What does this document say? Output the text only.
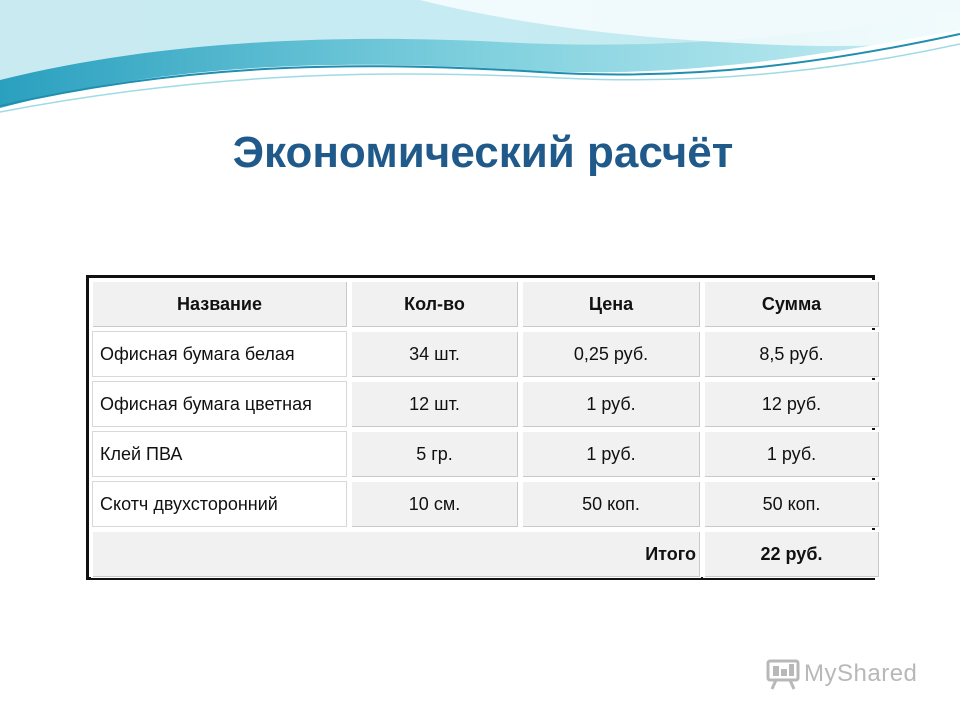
Экономический расчёт
Название	Кол-во	Цена	Сумма
Офисная бумага белая	34 шт.	0,25 руб.	8,5 руб.
Офисная бумага цветная	12 шт.	1 руб.	12 руб.
Клей ПВА	5 гр.	1 руб.	1 руб.
Скотч двухсторонний	10 см.	50 коп.	50 коп.
Итого			22 руб.
MyShared
